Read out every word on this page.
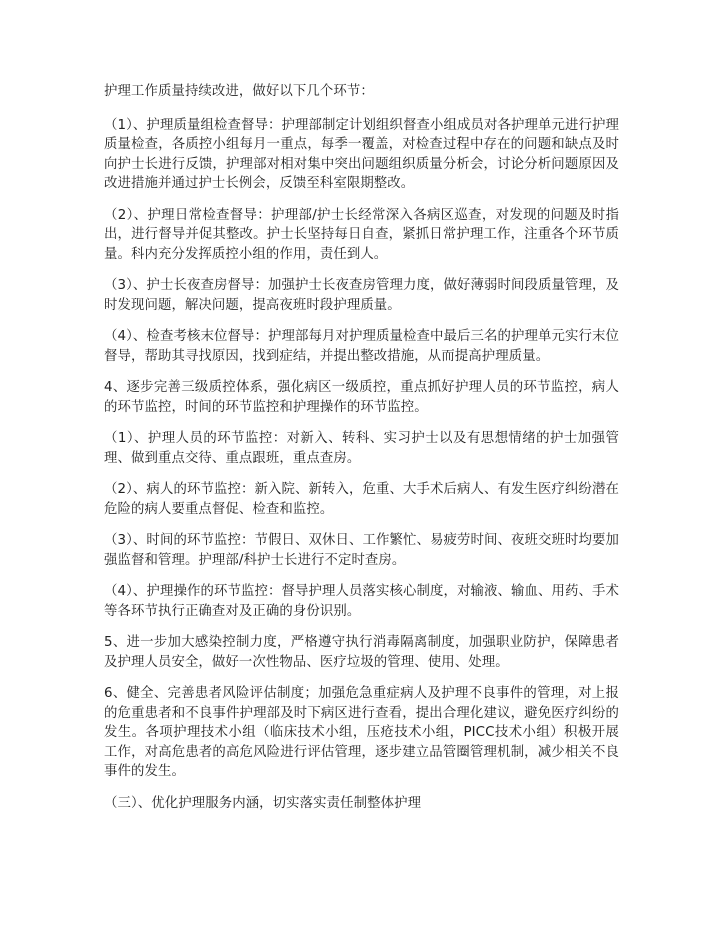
护理工作质量持续改进，做好以下几个环节：

（1）、护理质量组检查督导：护理部制定计划组织督查小组成员对各护理单元进行护理质量检查，各质控小组每月一重点，每季一覆盖，对检查过程中存在的问题和缺点及时向护士长进行反馈，护理部对相对集中突出问题组织质量分析会，讨论分析问题原因及改进措施并通过护士长例会，反馈至科室限期整改。

（2）、护理日常检查督导：护理部/护士长经常深入各病区巡查，对发现的问题及时指出，进行督导并促其整改。护士长坚持每日自查，紧抓日常护理工作，注重各个环节质量。科内充分发挥质控小组的作用，责任到人。

（3）、护士长夜查房督导：加强护士长夜查房管理力度，做好薄弱时间段质量管理，及时发现问题，解决问题，提高夜班时段护理质量。

（4）、检查考核末位督导：护理部每月对护理质量检查中最后三名的护理单元实行末位督导，帮助其寻找原因，找到症结，并提出整改措施，从而提高护理质量。

4、逐步完善三级质控体系，强化病区一级质控，重点抓好护理人员的环节监控，病人的环节监控，时间的环节监控和护理操作的环节监控。

（1）、护理人员的环节监控：对新入、转科、实习护士以及有思想情绪的护士加强管理、做到重点交待、重点跟班，重点查房。

（2）、病人的环节监控：新入院、新转入，危重、大手术后病人、有发生医疗纠纷潜在危险的病人要重点督促、检查和监控。

（3）、时间的环节监控：节假日、双休日、工作繁忙、易疲劳时间、夜班交班时均要加强监督和管理。护理部/科护士长进行不定时查房。

（4）、护理操作的环节监控：督导护理人员落实核心制度，对输液、输血、用药、手术等各环节执行正确查对及正确的身份识别。

5、进一步加大感染控制力度，严格遵守执行消毒隔离制度，加强职业防护，保障患者及护理人员安全，做好一次性物品、医疗垃圾的管理、使用、处理。

6、健全、完善患者风险评估制度；加强危急重症病人及护理不良事件的管理，对上报的危重患者和不良事件护理部及时下病区进行查看，提出合理化建议，避免医疗纠纷的发生。各项护理技术小组（临床技术小组，压疮技术小组，PICC技术小组）积极开展工作，对高危患者的高危风险进行评估管理，逐步建立品管圈管理机制，减少相关不良事件的发生。

（三）、优化护理服务内涵，切实落实责任制整体护理
